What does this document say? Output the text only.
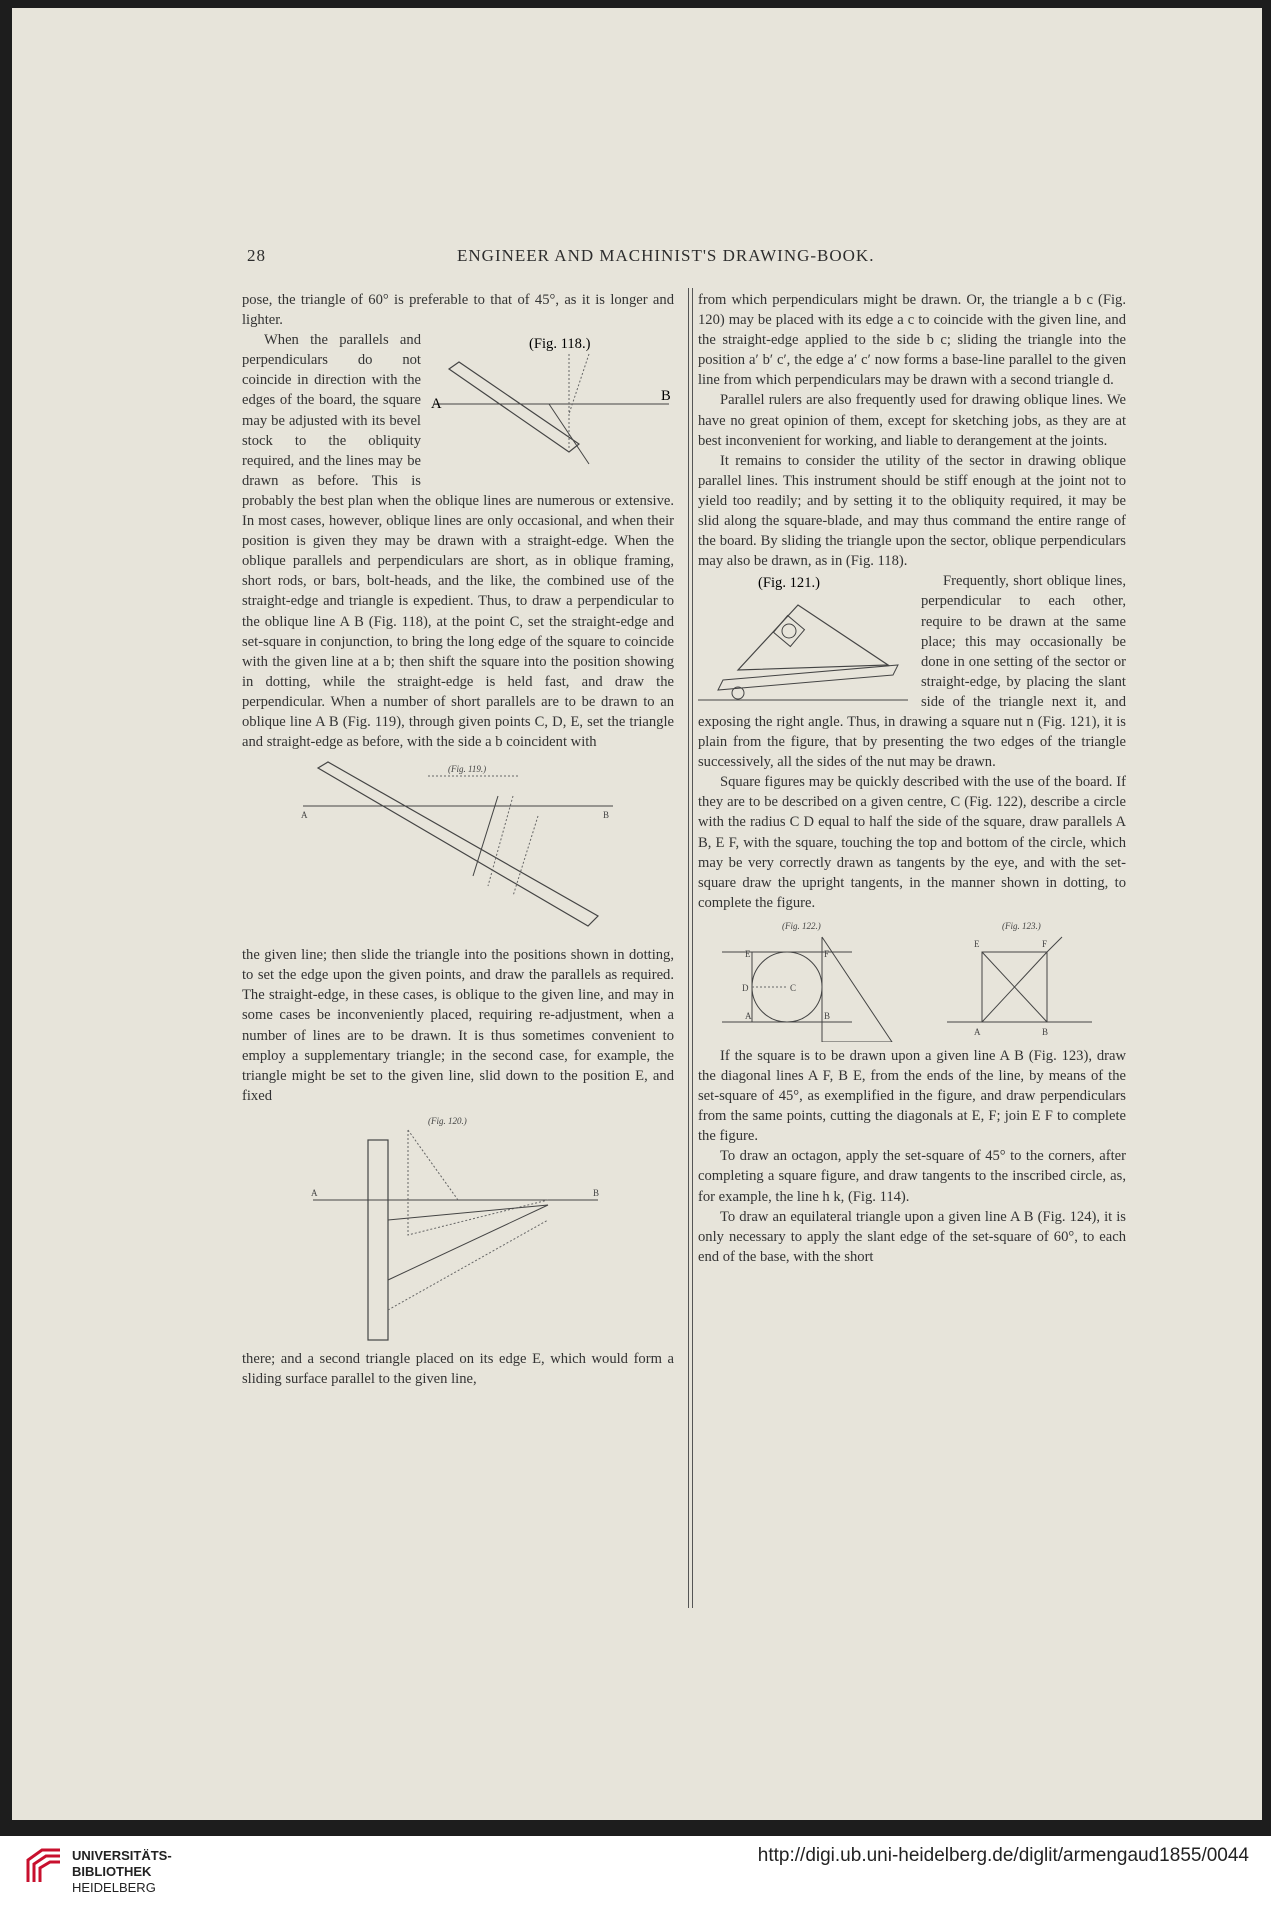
28	ENGINEER AND MACHINIST'S DRAWING-BOOK.

pose, the triangle of 60° is preferable to that of 45°, as it is longer and lighter.

(Fig. 118.)
A	B

When the parallels and perpendiculars do not coincide in direction with the edges of the board, the square may be adjusted with its bevel stock to the obliquity required, and the lines may be drawn as before. This is probably the best plan when the oblique lines are numerous or extensive. In most cases, however, oblique lines are only occasional, and when their position is given they may be drawn with a straight-edge. When the oblique parallels and perpendiculars are short, as in oblique framing, short rods, or bars, bolt-heads, and the like, the combined use of the straight-edge and triangle is expedient. Thus, to draw a perpendicular to the oblique line A B (Fig. 118), at the point C, set the straight-edge and set-square in conjunction, to bring the long edge of the square to coincide with the given line at a b; then shift the square into the position showing in dotting, while the straight-edge is held fast, and draw the perpendicular. When a number of short parallels are to be drawn to an oblique line A B (Fig. 119), through given points C, D, E, set the triangle and straight-edge as before, with the side a b coincident with

(Fig. 119.)
A	B

the given line; then slide the triangle into the positions shown in dotting, to set the edge upon the given points, and draw the parallels as required. The straight-edge, in these cases, is oblique to the given line, and may in some cases be inconveniently placed, requiring re-adjustment, when a number of lines are to be drawn. It is thus sometimes convenient to employ a supplementary triangle; in the second case, for example, the triangle might be set to the given line, slid down to the position E, and fixed

(Fig. 120.)
A	B

there; and a second triangle placed on its edge E, which would form a sliding surface parallel to the given line,

from which perpendiculars might be drawn. Or, the triangle a b c (Fig. 120) may be placed with its edge a c to coincide with the given line, and the straight-edge applied to the side b c; sliding the triangle into the position a′ b′ c′, the edge a′ c′ now forms a base-line parallel to the given line from which perpendiculars may be drawn with a second triangle d.

Parallel rulers are also frequently used for drawing oblique lines. We have no great opinion of them, except for sketching jobs, as they are at best inconvenient for working, and liable to derangement at the joints.

It remains to consider the utility of the sector in drawing oblique parallel lines. This instrument should be stiff enough at the joint not to yield too readily; and by setting it to the obliquity required, it may be slid along the square-blade, and may thus command the entire range of the board. By sliding the triangle upon the sector, oblique perpendiculars may also be drawn, as in (Fig. 118).

(Fig. 121.)	Frequently, short oblique lines, perpendicular to each other, require to be drawn at the same place; this may occasionally be done in one setting of the sector or straight-edge, by placing the slant side of the triangle next it, and exposing the right angle. Thus, in drawing a square nut n (Fig. 121), it is plain from the figure, that by presenting the two edges of the triangle successively, all the sides of the nut may be drawn.

Square figures may be quickly described with the use of the board. If they are to be described on a given centre, C (Fig. 122), describe a circle with the radius C D equal to half the side of the square, draw parallels A B, E F, with the square, touching the top and bottom of the circle, which may be very correctly drawn as tangents by the eye, and with the set-square draw the upright tangents, in the manner shown in dotting, to complete the figure.

(Fig. 122.)	(Fig. 123.)
E	F
D	C
A	B
E	F
A	B

If the square is to be drawn upon a given line A B (Fig. 123), draw the diagonal lines A F, B E, from the ends of the line, by means of the set-square of 45°, as exemplified in the figure, and draw perpendiculars from the same points, cutting the diagonals at E, F; join E F to complete the figure.

To draw an octagon, apply the set-square of 45° to the corners, after completing a square figure, and draw tangents to the inscribed circle, as, for example, the line h k, (Fig. 114).

To draw an equilateral triangle upon a given line A B (Fig. 124), it is only necessary to apply the slant edge of the set-square of 60°, to each end of the base, with the short

UNIVERSITÄTS-
BIBLIOTHEK
HEIDELBERG
http://digi.ub.uni-heidelberg.de/diglit/armengaud1855/0044
